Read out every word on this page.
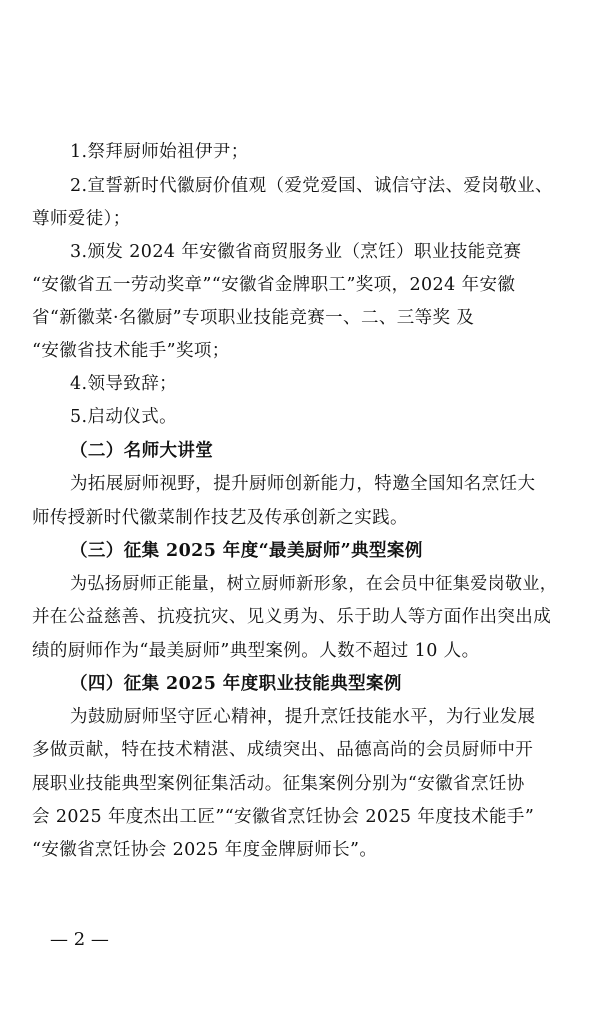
1.祭拜厨师始祖伊尹；
2.宣誓新时代徽厨价值观（爱党爱国、诚信守法、爱岗敬业、
尊师爱徒）；
3.颁发 2024 年安徽省商贸服务业（烹饪）职业技能竞赛
“安徽省五一劳动奖章”“安徽省金牌职工”奖项，2024 年安徽
省“新徽菜·名徽厨”专项职业技能竞赛一、二、三等奖 及
“安徽省技术能手”奖项；
4.领导致辞；
5.启动仪式。
（二）名师大讲堂
为拓展厨师视野，提升厨师创新能力，特邀全国知名烹饪大
师传授新时代徽菜制作技艺及传承创新之实践。
（三）征集 2025 年度“最美厨师”典型案例
为弘扬厨师正能量，树立厨师新形象，在会员中征集爱岗敬业，
并在公益慈善、抗疫抗灾、见义勇为、乐于助人等方面作出突出成
绩的厨师作为“最美厨师”典型案例。人数不超过 10 人。
（四）征集 2025 年度职业技能典型案例
为鼓励厨师坚守匠心精神，提升烹饪技能水平，为行业发展
多做贡献，特在技术精湛、成绩突出、品德高尚的会员厨师中开
展职业技能典型案例征集活动。征集案例分别为“安徽省烹饪协
会 2025 年度杰出工匠”“安徽省烹饪协会 2025 年度技术能手”
“安徽省烹饪协会 2025 年度金牌厨师长”。
— 2 —
